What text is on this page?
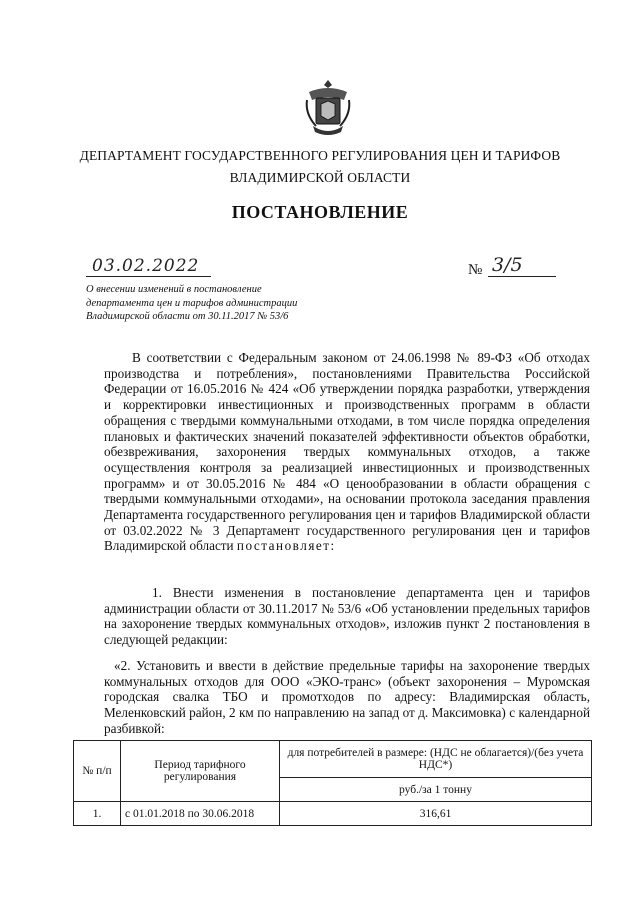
ДЕПАРТАМЕНТ ГОСУДАРСТВЕННОГО РЕГУЛИРОВАНИЯ ЦЕН И ТАРИФОВ
ВЛАДИМИРСКОЙ ОБЛАСТИ
ПОСТАНОВЛЕНИЕ
03.02.2022	№ 3/5
О внесении изменений в постановление департамента цен и тарифов администрации Владимирской области от 30.11.2017 № 53/6
В соответствии с Федеральным законом от 24.06.1998 № 89-ФЗ «Об отходах производства и потребления», постановлениями Правительства Российской Федерации от 16.05.2016 № 424 «Об утверждении порядка разработки, утверждения и корректировки инвестиционных и производственных программ в области обращения с твердыми коммунальными отходами, в том числе порядка определения плановых и фактических значений показателей эффективности объектов обработки, обезвреживания, захоронения твердых коммунальных отходов, а также осуществления контроля за реализацией инвестиционных и производственных программ» и от 30.05.2016 № 484 «О ценообразовании в области обращения с твердыми коммунальными отходами», на основании протокола заседания правления Департамента государственного регулирования цен и тарифов Владимирской области от 03.02.2022 № 3 Департамент государственного регулирования цен и тарифов Владимирской области постановляет:
1. Внести изменения в постановление департамента цен и тарифов администрации области от 30.11.2017 № 53/6 «Об установлении предельных тарифов на захоронение твердых коммунальных отходов», изложив пункт 2 постановления в следующей редакции:
«2. Установить и ввести в действие предельные тарифы на захоронение твердых коммунальных отходов для ООО «ЭКО-транс» (объект захоронения – Муромская городская свалка ТБО и промотходов по адресу: Владимирская область, Меленковский район, 2 км по направлению на запад от д. Максимовка) с календарной разбивкой:
№ п/п	Период тарифного регулирования	для потребителей в размере: (НДС не облагается)/(без учета НДС*)
		руб./за 1 тонну
1.	с 01.01.2018 по 30.06.2018	316,61
